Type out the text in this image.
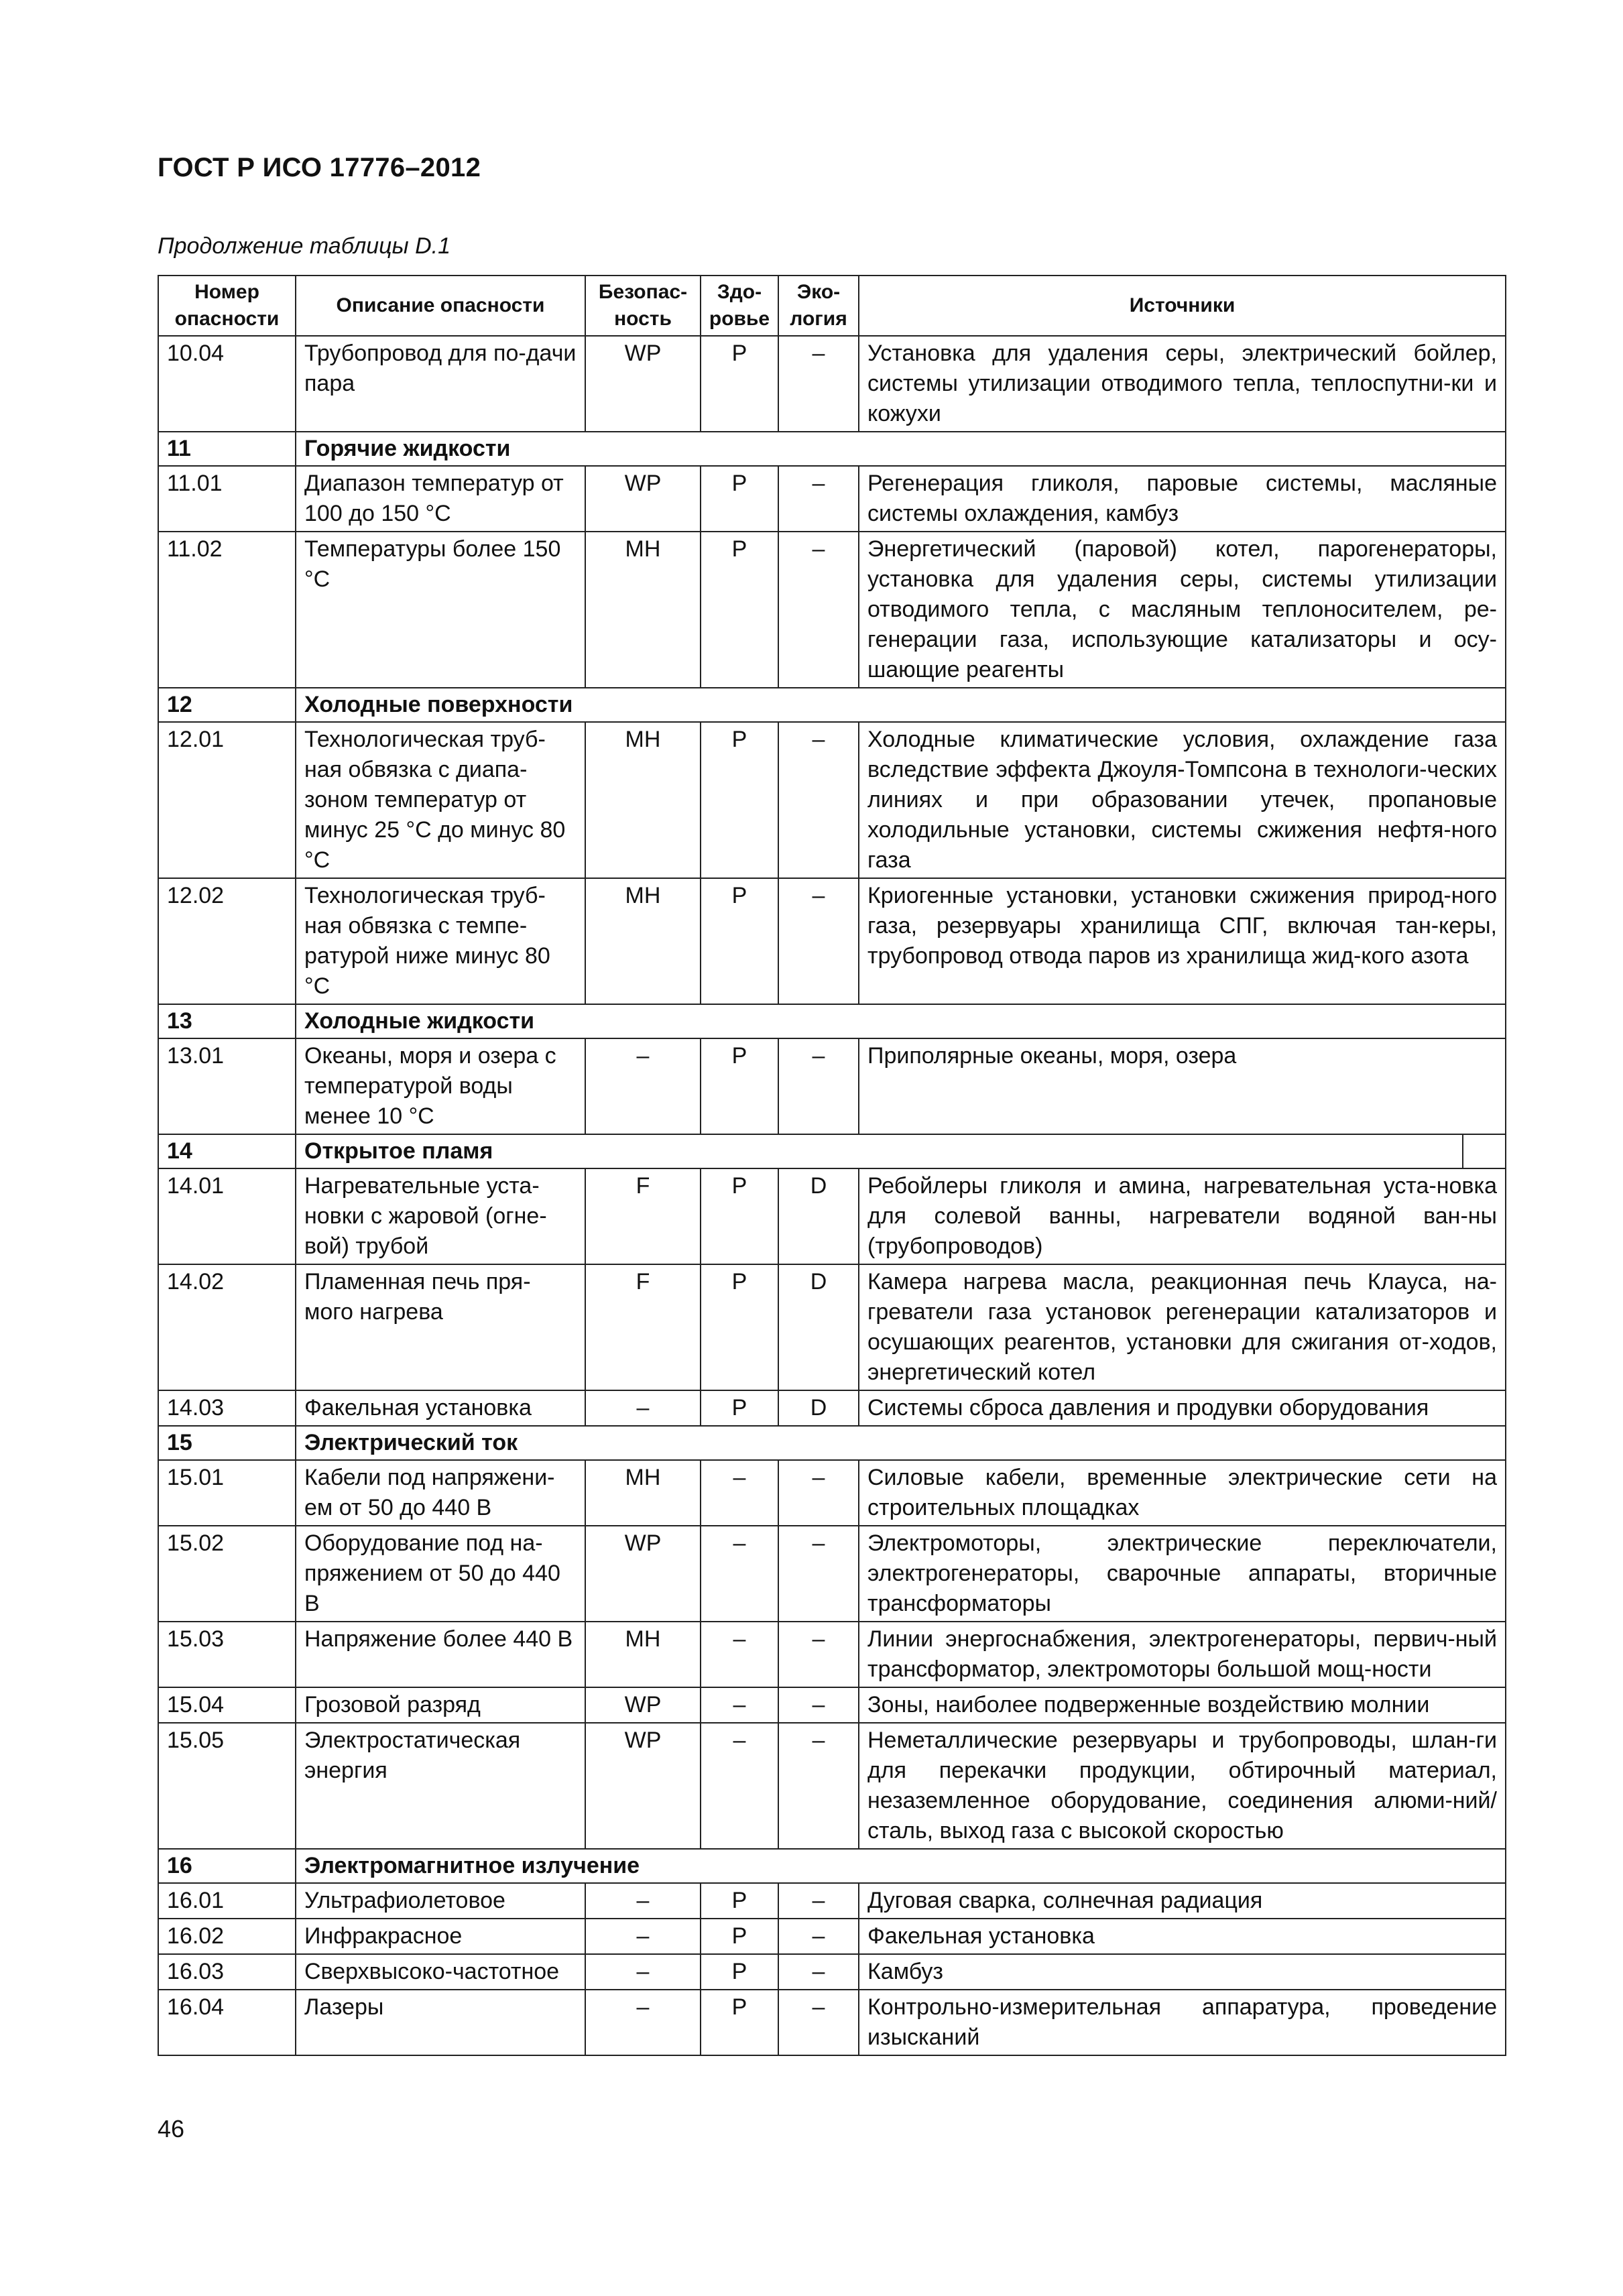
ГОСТ Р ИСО 17776–2012
Продолжение таблицы D.1
Номер опасности	Описание опасности	Безопас-ность	Здо-ровье	Эко-логия	Источники
10.04	Трубопровод для по-дачи пара	WP	P	–	Установка для удаления серы, электрический бойлер, системы утилизации отводимого тепла, теплоспутни-ки и кожухи
11	Горячие жидкости				
11.01	Диапазон температур от 100 до 150 °C	WP	P	–	Регенерация гликоля, паровые системы, масляные системы охлаждения, камбуз
11.02	Температуры более 150 °C	MH	P	–	Энергетический (паровой) котел, парогенераторы, установка для удаления серы, системы утилизации отводимого тепла, с масляным теплоносителем, ре-генерации газа, использующие катализаторы и осу-шающие реагенты
12	Холодные поверхности				
12.01	Технологическая труб-ная обвязка с диапа-зоном температур от минус 25 °C до минус 80 °C	MH	P	–	Холодные климатические условия, охлаждение газа вследствие эффекта Джоуля-Томпсона в технологи-ческих линиях и при образовании утечек, пропановые холодильные установки, системы сжижения нефтя-ного газа
12.02	Технологическая труб-ная обвязка с темпе-ратурой ниже минус 80 °C	MH	P	–	Криогенные установки, установки сжижения природ-ного газа, резервуары хранилища СПГ, включая тан-керы, трубопровод отвода паров из хранилища жид-кого азота
13	Холодные жидкости				
13.01	Океаны, моря и озера с температурой воды менее 10 °C	–	P	–	Приполярные океаны, моря, озера
14	Открытое пламя				

14.01	Нагревательные уста-новки с жаровой (огне-вой) трубой	F	P	D	Ребойлеры гликоля и амина, нагревательная уста-новка для солевой ванны, нагреватели водяной ван-ны (трубопроводов)
14.02	Пламенная печь пря-мого нагрева	F	P	D	Камера нагрева масла, реакционная печь Клауса, на-греватели газа установок регенерации катализаторов и осушающих реагентов, установки для сжигания от-ходов, энергетический котел
14.03	Факельная установка	–	P	D	Системы сброса давления и продувки оборудования
15	Электрический ток				
15.01	Кабели под напряжени-ем от 50 до 440 В	MH	–	–	Силовые кабели, временные электрические сети на строительных площадках
15.02	Оборудование под на-пряжением от 50 до 440 В	WP	–	–	Электромоторы, электрические переключатели, электрогенераторы, сварочные аппараты, вторичные трансформаторы
15.03	Напряжение более 440 В	MH	–	–	Линии энергоснабжения, электрогенераторы, первич-ный трансформатор, электромоторы большой мощ-ности
15.04	Грозовой разряд	WP	–	–	Зоны, наиболее подверженные воздействию молнии
15.05	Электростатическая энергия	WP	–	–	Неметаллические резервуары и трубопроводы, шлан-ги для перекачки продукции, обтирочный материал, незаземленное оборудование, соединения алюми-ний/сталь, выход газа с высокой скоростью
16	Электромагнитное излучение				
16.01	Ультрафиолетовое	–	P	–	Дуговая сварка, солнечная радиация
16.02	Инфракрасное	–	P	–	Факельная установка
16.03	Сверхвысоко-частотное	–	P	–	Камбуз
16.04	Лазеры	–	P	–	Контрольно-измерительная аппаратура, проведение изысканий
46
